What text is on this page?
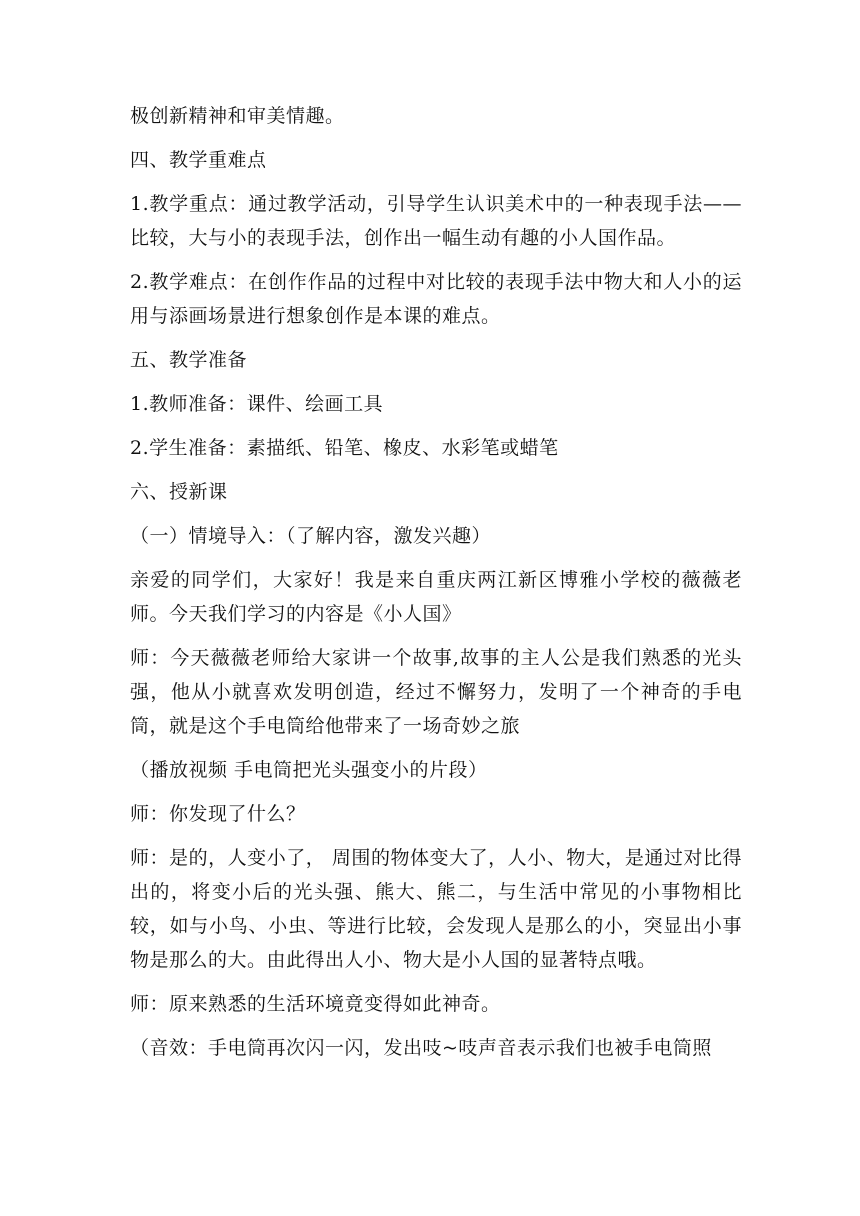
极创新精神和审美情趣。

四、教学重难点

1.教学重点：通过教学活动，引导学生认识美术中的一种表现手法——比较，大与小的表现手法，创作出一幅生动有趣的小人国作品。

2.教学难点：在创作作品的过程中对比较的表现手法中物大和人小的运用与添画场景进行想象创作是本课的难点。

五、教学准备

1.教师准备：课件、绘画工具

2.学生准备：素描纸、铅笔、橡皮、水彩笔或蜡笔

六、授新课

（一）情境导入：（了解内容，激发兴趣）

亲爱的同学们，大家好！我是来自重庆两江新区博雅小学校的薇薇老师。今天我们学习的内容是《小人国》

师：今天薇薇老师给大家讲一个故事,故事的主人公是我们熟悉的光头强，他从小就喜欢发明创造，经过不懈努力，发明了一个神奇的手电筒，就是这个手电筒给他带来了一场奇妙之旅

（播放视频 手电筒把光头强变小的片段）

师：你发现了什么？

师：是的，人变小了， 周围的物体变大了，人小、物大，是通过对比得出的，将变小后的光头强、熊大、熊二，与生活中常见的小事物相比较，如与小鸟、小虫、等进行比较，会发现人是那么的小，突显出小事物是那么的大。由此得出人小、物大是小人国的显著特点哦。

师：原来熟悉的生活环境竟变得如此神奇。

（音效：手电筒再次闪一闪，发出吱~吱声音表示我们也被手电筒照
